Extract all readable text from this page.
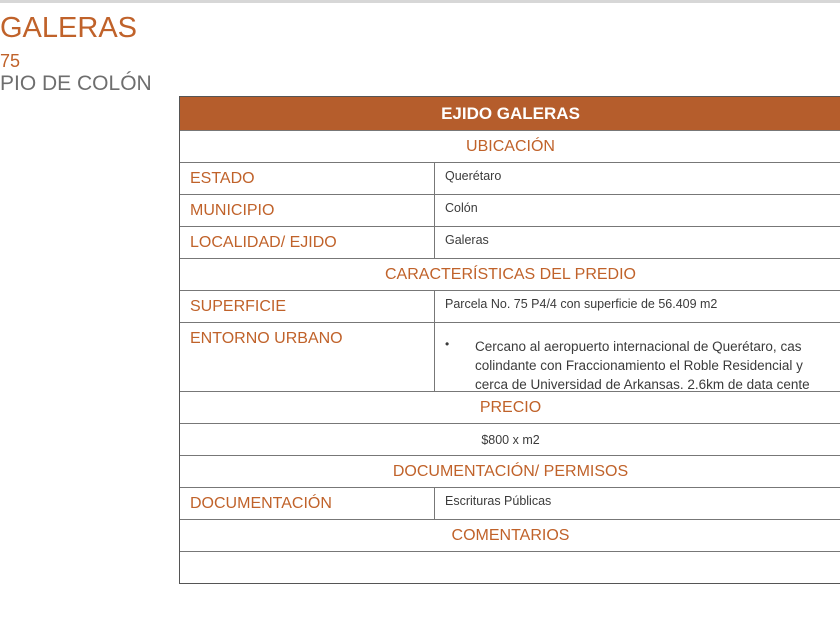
GALERAS
75
PIO DE COLÓN
EJIDO GALERAS
UBICACIÓN
ESTADO	Querétaro
MUNICIPIO	Colón
LOCALIDAD/ EJIDO	Galeras
CARACTERÍSTICAS DEL PREDIO
SUPERFICIE	Parcela No. 75 P4/4 con superficie de 56.409 m2
ENTORNO URBANO	•	Cercano al aeropuerto internacional de Querétaro, cas
colindante con Fraccionamiento el Roble Residencial y
cerca de Universidad de Arkansas. 2.6km de data cente
PRECIO
$800 x m2
DOCUMENTACIÓN/ PERMISOS
DOCUMENTACIÓN	Escrituras Públicas
COMENTARIOS
